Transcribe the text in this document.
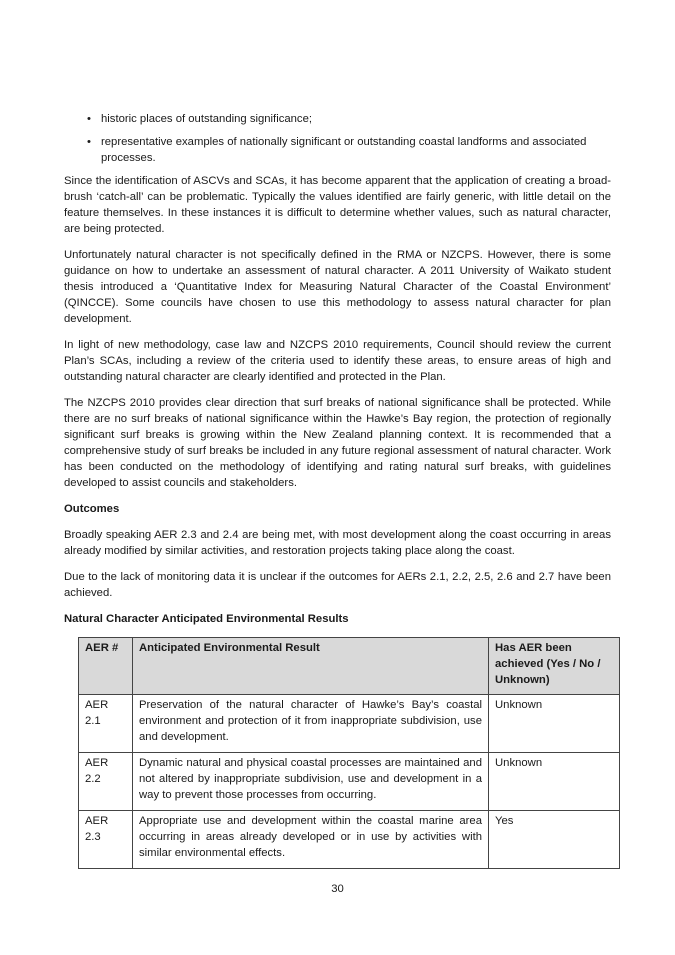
• historic places of outstanding significance;
• representative examples of nationally significant or outstanding coastal landforms and associated processes.

Since the identification of ASCVs and SCAs, it has become apparent that the application of creating a broad-brush ‘catch-all’ can be problematic. Typically the values identified are fairly generic, with little detail on the feature themselves. In these instances it is difficult to determine whether values, such as natural character, are being protected.

Unfortunately natural character is not specifically defined in the RMA or NZCPS. However, there is some guidance on how to undertake an assessment of natural character. A 2011 University of Waikato student thesis introduced a ‘Quantitative Index for Measuring Natural Character of the Coastal Environment’ (QINCCE). Some councils have chosen to use this methodology to assess natural character for plan development.

In light of new methodology, case law and NZCPS 2010 requirements, Council should review the current Plan’s SCAs, including a review of the criteria used to identify these areas, to ensure areas of high and outstanding natural character are clearly identified and protected in the Plan.

The NZCPS 2010 provides clear direction that surf breaks of national significance shall be protected. While there are no surf breaks of national significance within the Hawke’s Bay region, the protection of regionally significant surf breaks is growing within the New Zealand planning context. It is recommended that a comprehensive study of surf breaks be included in any future regional assessment of natural character. Work has been conducted on the methodology of identifying and rating natural surf breaks, with guidelines developed to assist councils and stakeholders.

Outcomes

Broadly speaking AER 2.3 and 2.4 are being met, with most development along the coast occurring in areas already modified by similar activities, and restoration projects taking place along the coast.

Due to the lack of monitoring data it is unclear if the outcomes for AERs 2.1, 2.2, 2.5, 2.6 and 2.7 have been achieved.

Natural Character Anticipated Environmental Results

AER #	Anticipated Environmental Result	Has AER been achieved (Yes / No / Unknown)
AER 2.1	Preservation of the natural character of Hawke’s Bay’s coastal environment and protection of it from inappropriate subdivision, use and development.	Unknown
AER 2.2	Dynamic natural and physical coastal processes are maintained and not altered by inappropriate subdivision, use and development in a way to prevent those processes from occurring.	Unknown
AER 2.3	Appropriate use and development within the coastal marine area occurring in areas already developed or in use by activities with similar environmental effects.	Yes
30
